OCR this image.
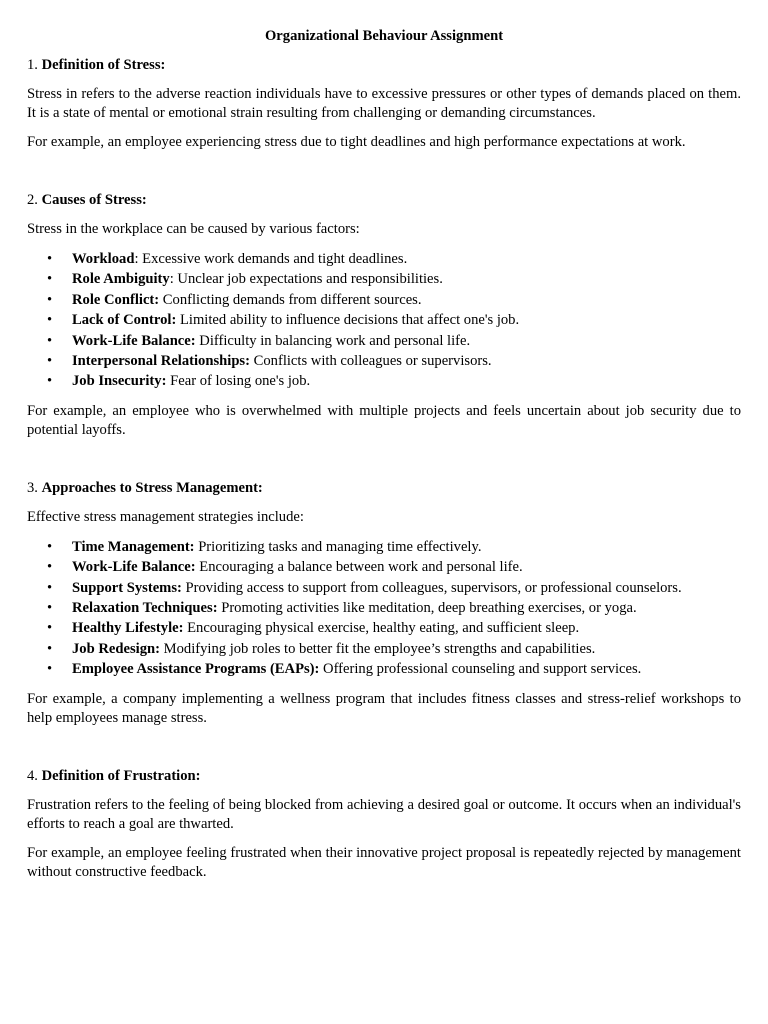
Organizational Behaviour Assignment
1. Definition of Stress:

Stress in refers to the adverse reaction individuals have to excessive pressures or other types of demands placed on them. It is a state of mental or emotional strain resulting from challenging or demanding circumstances.

For example, an employee experiencing stress due to tight deadlines and high performance expectations at work.

2. Causes of Stress:

Stress in the workplace can be caused by various factors:

• Workload: Excessive work demands and tight deadlines.
• Role Ambiguity: Unclear job expectations and responsibilities.
• Role Conflict: Conflicting demands from different sources.
• Lack of Control: Limited ability to influence decisions that affect one's job.
• Work-Life Balance: Difficulty in balancing work and personal life.
• Interpersonal Relationships: Conflicts with colleagues or supervisors.
• Job Insecurity: Fear of losing one's job.

For example, an employee who is overwhelmed with multiple projects and feels uncertain about job security due to potential layoffs.

3. Approaches to Stress Management:

Effective stress management strategies include:

• Time Management: Prioritizing tasks and managing time effectively.
• Work-Life Balance: Encouraging a balance between work and personal life.
• Support Systems: Providing access to support from colleagues, supervisors, or professional counselors.
• Relaxation Techniques: Promoting activities like meditation, deep breathing exercises, or yoga.
• Healthy Lifestyle: Encouraging physical exercise, healthy eating, and sufficient sleep.
• Job Redesign: Modifying job roles to better fit the employee’s strengths and capabilities.
• Employee Assistance Programs (EAPs): Offering professional counseling and support services.

For example, a company implementing a wellness program that includes fitness classes and stress-relief workshops to help employees manage stress.

4. Definition of Frustration:

Frustration refers to the feeling of being blocked from achieving a desired goal or outcome. It occurs when an individual's efforts to reach a goal are thwarted.

For example, an employee feeling frustrated when their innovative project proposal is repeatedly rejected by management without constructive feedback.
